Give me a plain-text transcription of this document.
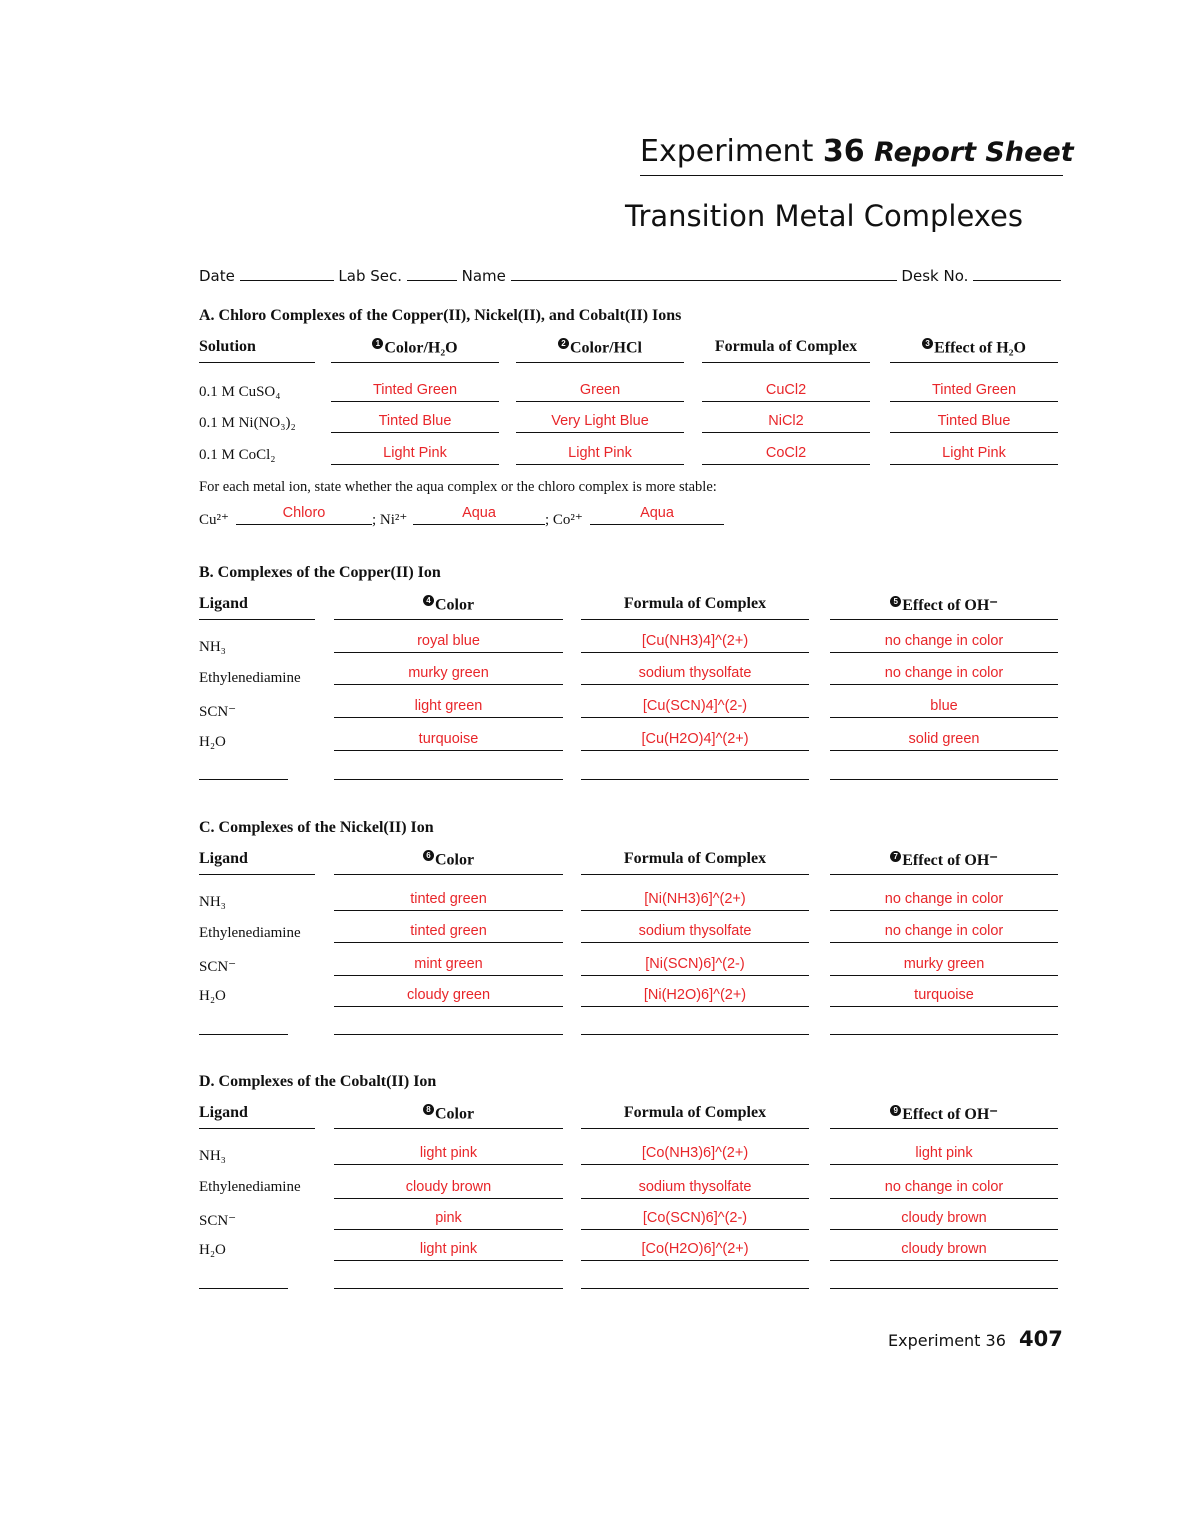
Experiment 36 Report Sheet
Transition Metal Complexes
Date	Lab Sec.	Name	Desk No.
A. Chloro Complexes of the Copper(II), Nickel(II), and Cobalt(II) Ions
Solution	1 Color/H₂O	2 Color/HCl	Formula of Complex	3 Effect of H₂O
0.1 M CuSO₄	Tinted Green	Green	CuCl2	Tinted Green
0.1 M Ni(NO₃)₂	Tinted Blue	Very Light Blue	NiCl2	Tinted Blue
0.1 M CoCl₂	Light Pink	Light Pink	CoCl2	Light Pink
For each metal ion, state whether the aqua complex or the chloro complex is more stable:
Cu²⁺	Chloro	; Ni²⁺	Aqua	; Co²⁺	Aqua
B. Complexes of the Copper(II) Ion
Ligand	4 Color	Formula of Complex	5 Effect of OH⁻
NH₃	royal blue	[Cu(NH3)4]^(2+)	no change in color
Ethylenediamine	murky green	sodium thysolfate	no change in color
SCN⁻	light green	[Cu(SCN)4]^(2-)	blue
H₂O	turquoise	[Cu(H2O)4]^(2+)	solid green
C. Complexes of the Nickel(II) Ion
Ligand	6 Color	Formula of Complex	7 Effect of OH⁻
NH₃	tinted green	[Ni(NH3)6]^(2+)	no change in color
Ethylenediamine	tinted green	sodium thysolfate	no change in color
SCN⁻	mint green	[Ni(SCN)6]^(2-)	murky green
H₂O	cloudy green	[Ni(H2O)6]^(2+)	turquoise
D. Complexes of the Cobalt(II) Ion
Ligand	8 Color	Formula of Complex	9 Effect of OH⁻
NH₃	light pink	[Co(NH3)6]^(2+)	light pink
Ethylenediamine	cloudy brown	sodium thysolfate	no change in color
SCN⁻	pink	[Co(SCN)6]^(2-)	cloudy brown
H₂O	light pink	[Co(H2O)6]^(2+)	cloudy brown
Experiment 36 407
